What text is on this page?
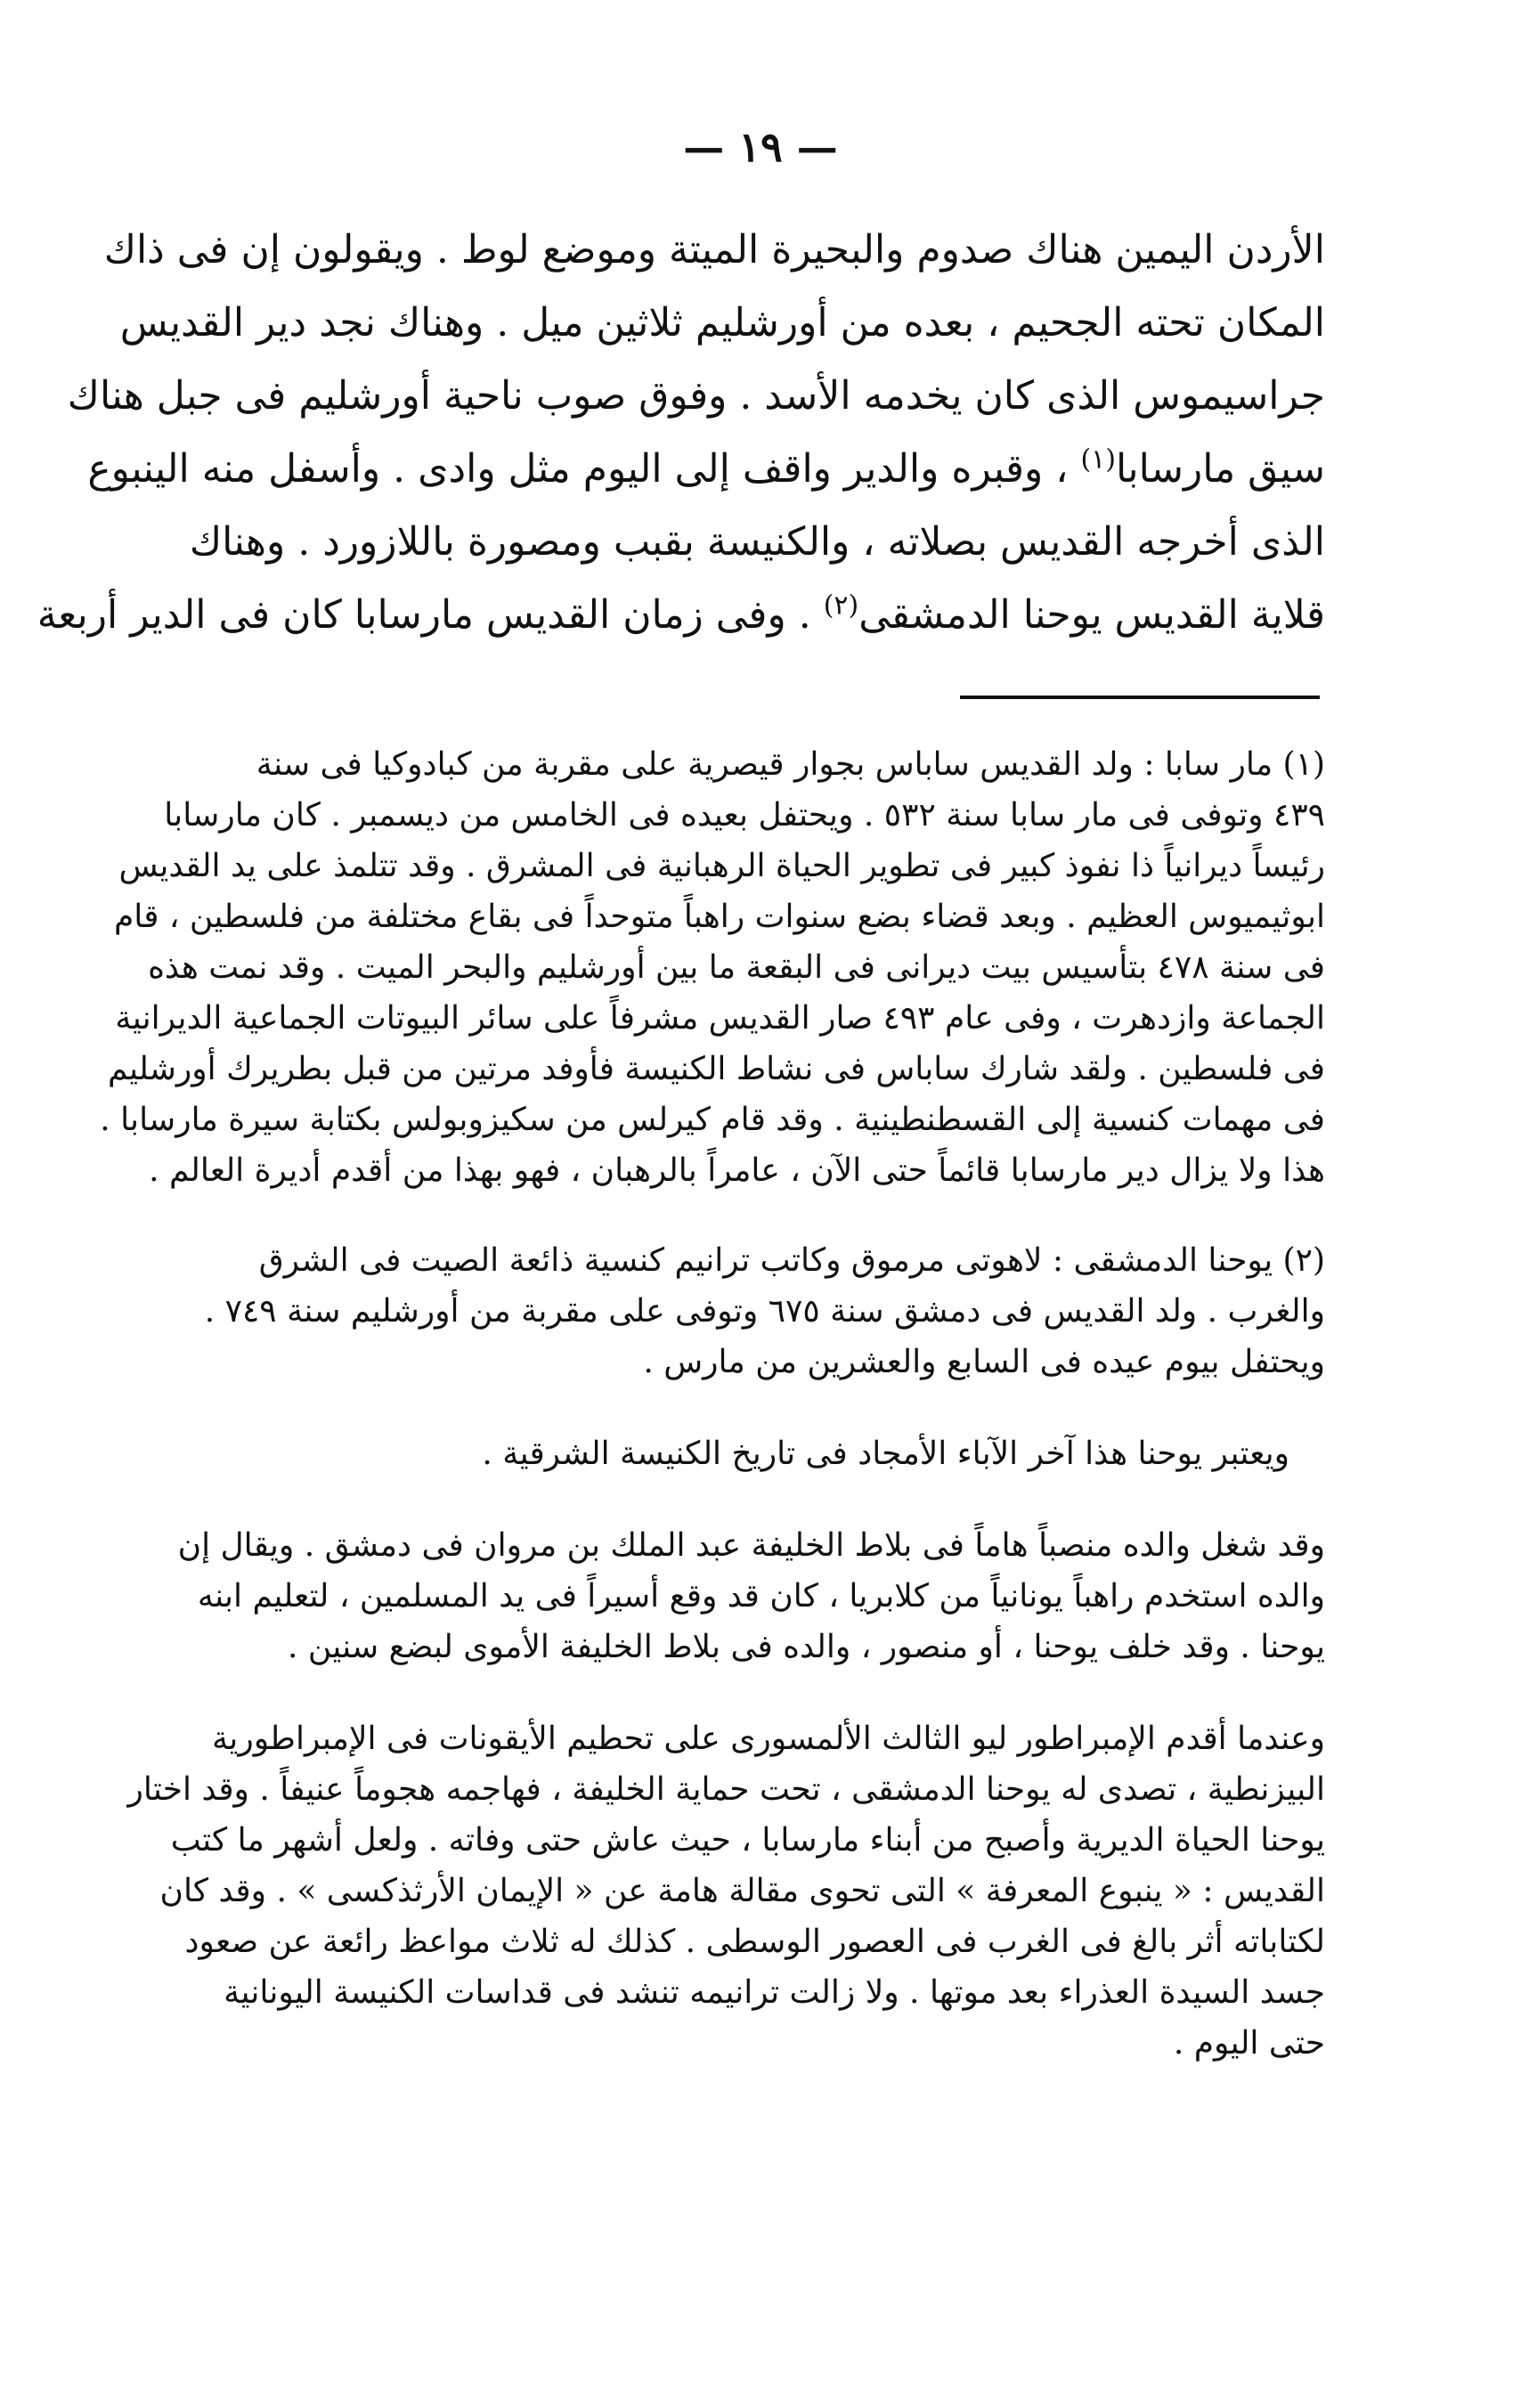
— ١٩ —
الأردن اليمين هناك صدوم والبحيرة الميتة وموضع لوط . ويقولون إن فى ذاك
المكان تحته الجحيم ، بعده من أورشليم ثلاثين ميل . وهناك نجد دير القديس
جراسيموس الذى كان يخدمه الأسد . وفوق صوب ناحية أورشليم فى جبل هناك
سيق مارسابا$^{(١)}$ ، وقبره والدير واقف إلى اليوم مثل وادى . وأسفل منه الينبوع
الذى أخرجه القديس بصلاته ، والكنيسة بقبب ومصورة باللازورد . وهناك
قلاية القديس يوحنا الدمشقى$^{(٢)}$ . وفى زمان القديس مارسابا كان فى الدير أربعة
(١) مار سابا : ولد القديس ساباس بجوار قيصرية على مقربة من كبادوكيا فى سنة
٤٣٩ وتوفى فى مار سابا سنة ٥٣٢ . ويحتفل بعيده فى الخامس من ديسمبر . كان مارسابا
رئيساً ديرانياً ذا نفوذ كبير فى تطوير الحياة الرهبانية فى المشرق . وقد تتلمذ على يد القديس
ابوثيميوس العظيم . وبعد قضاء بضع سنوات راهباً متوحداً فى بقاع مختلفة من فلسطين ، قام
فى سنة ٤٧٨ بتأسيس بيت ديرانى فى البقعة ما بين أورشليم والبحر الميت . وقد نمت هذه
الجماعة وازدهرت ، وفى عام ٤٩٣ صار القديس مشرفاً على سائر البيوتات الجماعية الديرانية
فى فلسطين . ولقد شارك ساباس فى نشاط الكنيسة فأوفد مرتين من قبل بطريرك أورشليم
فى مهمات كنسية إلى القسطنطينية . وقد قام كيرلس من سكيزوبولس بكتابة سيرة مارسابا .
هذا ولا يزال دير مارسابا قائماً حتى الآن ، عامراً بالرهبان ، فهو بهذا من أقدم أديرة العالم .
(٢) يوحنا الدمشقى : لاهوتى مرموق وكاتب ترانيم كنسية ذائعة الصيت فى الشرق
والغرب . ولد القديس فى دمشق سنة ٦٧٥ وتوفى على مقربة من أورشليم سنة ٧٤٩ .
ويحتفل بيوم عيده فى السابع والعشرين من مارس .
ويعتبر يوحنا هذا آخر الآباء الأمجاد فى تاريخ الكنيسة الشرقية .
وقد شغل والده منصباً هاماً فى بلاط الخليفة عبد الملك بن مروان فى دمشق . ويقال إن
والده استخدم راهباً يونانياً من كلابريا ، كان قد وقع أسيراً فى يد المسلمين ، لتعليم ابنه
يوحنا . وقد خلف يوحنا ، أو منصور ، والده فى بلاط الخليفة الأموى لبضع سنين .
وعندما أقدم الإمبراطور ليو الثالث الألمسورى على تحطيم الأيقونات فى الإمبراطورية
البيزنطية ، تصدى له يوحنا الدمشقى ، تحت حماية الخليفة ، فهاجمه هجوماً عنيفاً . وقد اختار
يوحنا الحياة الديرية وأصبح من أبناء مارسابا ، حيث عاش حتى وفاته . ولعل أشهر ما كتب
القديس : « ينبوع المعرفة » التى تحوى مقالة هامة عن « الإيمان الأرثذكسى » . وقد كان
لكتاباته أثر بالغ فى الغرب فى العصور الوسطى . كذلك له ثلاث مواعظ رائعة عن صعود
جسد السيدة العذراء بعد موتها . ولا زالت ترانيمه تنشد فى قداسات الكنيسة اليونانية
حتى اليوم .
